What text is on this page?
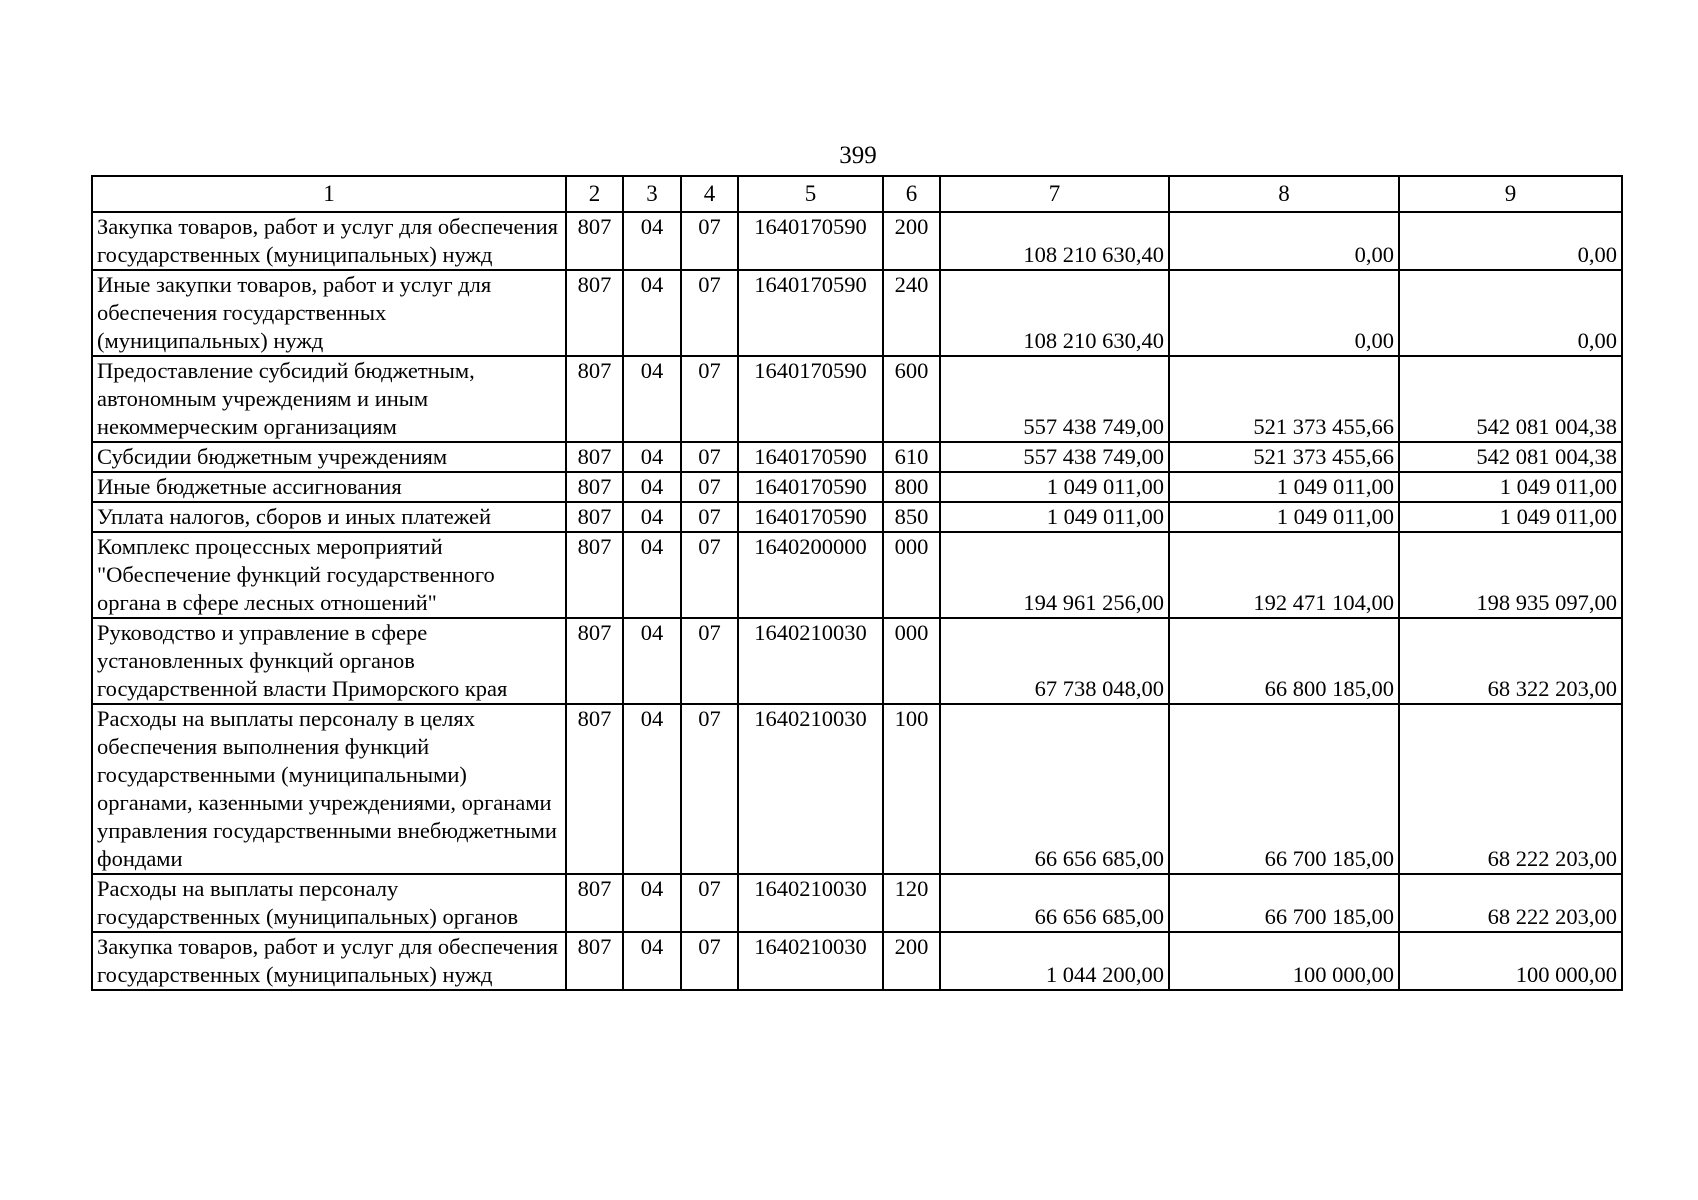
399
1	2	3	4	5	6	7	8	9
Закупка товаров, работ и услуг для обеспечения государственных (муниципальных) нужд	807	04	07	1640170590	200	108 210 630,40	0,00	0,00
Иные закупки товаров, работ и услуг для обеспечения государственных (муниципальных) нужд	807	04	07	1640170590	240	108 210 630,40	0,00	0,00
Предоставление субсидий бюджетным, автономным учреждениям и иным некоммерческим организациям	807	04	07	1640170590	600	557 438 749,00	521 373 455,66	542 081 004,38
Субсидии бюджетным учреждениям	807	04	07	1640170590	610	557 438 749,00	521 373 455,66	542 081 004,38
Иные бюджетные ассигнования	807	04	07	1640170590	800	1 049 011,00	1 049 011,00	1 049 011,00
Уплата налогов, сборов и иных платежей	807	04	07	1640170590	850	1 049 011,00	1 049 011,00	1 049 011,00
Комплекс процессных мероприятий "Обеспечение функций государственного органа в сфере лесных отношений"	807	04	07	1640200000	000	194 961 256,00	192 471 104,00	198 935 097,00
Руководство и управление в сфере установленных функций органов государственной власти Приморского края	807	04	07	1640210030	000	67 738 048,00	66 800 185,00	68 322 203,00
Расходы на выплаты персоналу в целях обеспечения выполнения функций государственными (муниципальными) органами, казенными учреждениями, органами управления государственными внебюджетными фондами	807	04	07	1640210030	100	66 656 685,00	66 700 185,00	68 222 203,00
Расходы на выплаты персоналу государственных (муниципальных) органов	807	04	07	1640210030	120	66 656 685,00	66 700 185,00	68 222 203,00
Закупка товаров, работ и услуг для обеспечения государственных (муниципальных) нужд	807	04	07	1640210030	200	1 044 200,00	100 000,00	100 000,00
